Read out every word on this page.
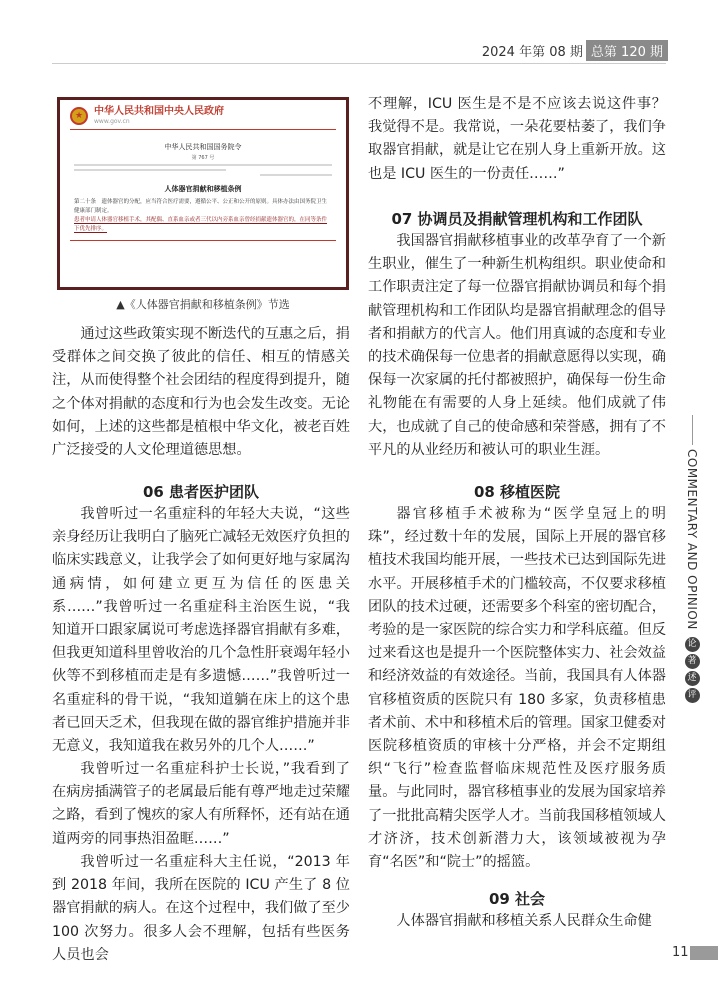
2024 年第 08 期 总第 120 期
★	中华人民共和国中央人民政府
www.gov.cn
中华人民共和国国务院令
第 767 号
人体器官捐献和移植条例
第二十条　遗体器官的分配，应当符合医疗需要，遵循公平、公正和公开的原则。具体办法由国务院卫生健康部门制定。
患者申请人体器官移植手术，其配偶、直系血亲或者三代以内旁系血亲曾经捐献遗体器官的，在同等条件下优先排序。
▲《人体器官捐献和移植条例》节选

通过这些政策实现不断迭代的互惠之后，捐受群体之间交换了彼此的信任、相互的情感关注，从而使得整个社会团结的程度得到提升，随之个体对捐献的态度和行为也会发生改变。无论如何，上述的这些都是植根中华文化，被老百姓广泛接受的人文伦理道德思想。

06 患者医护团队

我曾听过一名重症科的年轻大夫说，“这些亲身经历让我明白了脑死亡减轻无效医疗负担的临床实践意义，让我学会了如何更好地与家属沟通病情，如何建立更互为信任的医患关系……”我曾听过一名重症科主治医生说，“我知道开口跟家属说可考虑选择器官捐献有多难，但我更知道科里曾收治的几个急性肝衰竭年轻小伙等不到移植而走是有多遗憾……”我曾听过一名重症科的骨干说，“我知道躺在床上的这个患者已回天乏术，但我现在做的器官维护措施并非无意义，我知道我在救另外的几个人……”

我曾听过一名重症科护士长说，”我看到了在病房插满管子的老属最后能有尊严地走过荣耀之路，看到了愧疚的家人有所释怀，还有站在通道两旁的同事热泪盈眶……”

我曾听过一名重症科大主任说，“2013 年到 2018 年间，我所在医院的 ICU 产生了 8 位器官捐献的病人。在这个过程中，我们做了至少 100 次努力。很多人会不理解，包括有些医务人员也会

不理解，ICU 医生是不是不应该去说这件事？我觉得不是。我常说，一朵花要枯萎了，我们争取器官捐献，就是让它在别人身上重新开放。这也是 ICU 医生的一份责任……”

07 协调员及捐献管理机构和工作团队

我国器官捐献移植事业的改革孕育了一个新生职业，催生了一种新生机构组织。职业使命和工作职责注定了每一位器官捐献协调员和每个捐献管理机构和工作团队均是器官捐献理念的倡导者和捐献方的代言人。他们用真诚的态度和专业的技术确保每一位患者的捐献意愿得以实现，确保每一次家属的托付都被照护，确保每一份生命礼物能在有需要的人身上延续。他们成就了伟大，也成就了自己的使命感和荣誉感，拥有了不平凡的从业经历和被认可的职业生涯。

08 移植医院

器官移植手术被称为“医学皇冠上的明珠”，经过数十年的发展，国际上开展的器官移植技术我国均能开展，一些技术已达到国际先进水平。开展移植手术的门槛较高，不仅要求移植团队的技术过硬，还需要多个科室的密切配合，考验的是一家医院的综合实力和学科底蕴。但反过来看这也是提升一个医院整体实力、社会效益和经济效益的有效途径。当前，我国具有人体器官移植资质的医院只有 180 多家，负责移植患者术前、术中和移植术后的管理。国家卫健委对医院移植资质的审核十分严格，并会不定期组织“飞行”检查监督临床规范性及医疗服务质量。与此同时，器官移植事业的发展为国家培养了一批批高精尖医学人才。当前我国移植领域人才济济，技术创新潜力大，该领域被视为孕育“名医”和“院士”的摇篮。

09 社会

人体器官捐献和移植关系人民群众生命健

COMMENTARY AND OPINION
论
著
述
评
11
